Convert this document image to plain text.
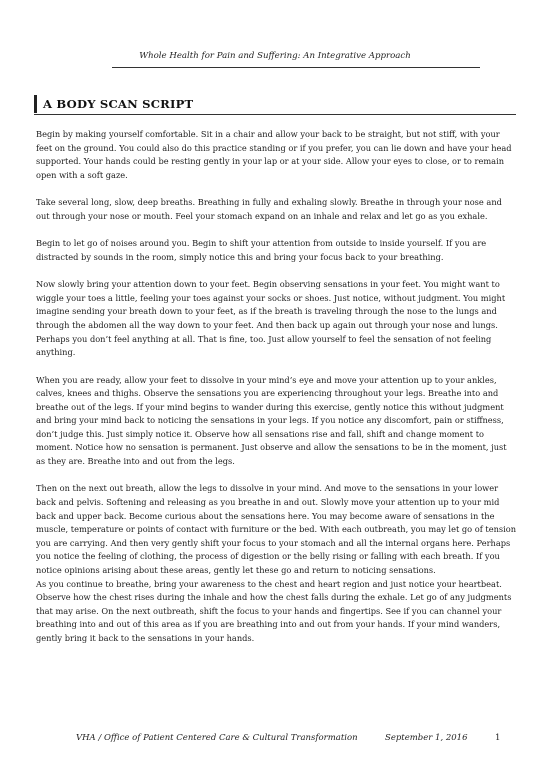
Whole Health for Pain and Suffering: An Integrative Approach
A BODY SCAN SCRIPT

Begin by making yourself comfortable. Sit in a chair and allow your back to be straight, but not stiff, with your feet on the ground. You could also do this practice standing or if you prefer, you can lie down and have your head supported. Your hands could be resting gently in your lap or at your side. Allow your eyes to close, or to remain open with a soft gaze.

Take several long, slow, deep breaths. Breathing in fully and exhaling slowly. Breathe in through your nose and out through your nose or mouth. Feel your stomach expand on an inhale and relax and let go as you exhale.

Begin to let go of noises around you. Begin to shift your attention from outside to inside yourself. If you are distracted by sounds in the room, simply notice this and bring your focus back to your breathing.

Now slowly bring your attention down to your feet. Begin observing sensations in your feet. You might want to wiggle your toes a little, feeling your toes against your socks or shoes. Just notice, without judgment. You might imagine sending your breath down to your feet, as if the breath is traveling through the nose to the lungs and through the abdomen all the way down to your feet. And then back up again out through your nose and lungs. Perhaps you don’t feel anything at all. That is fine, too. Just allow yourself to feel the sensation of not feeling anything.

When you are ready, allow your feet to dissolve in your mind’s eye and move your attention up to your ankles, calves, knees and thighs. Observe the sensations you are experiencing throughout your legs. Breathe into and breathe out of the legs. If your mind begins to wander during this exercise, gently notice this without judgment and bring your mind back to noticing the sensations in your legs. If you notice any discomfort, pain or stiffness, don’t judge this. Just simply notice it. Observe how all sensations rise and fall, shift and change moment to moment. Notice how no sensation is permanent. Just observe and allow the sensations to be in the moment, just as they are. Breathe into and out from the legs.

Then on the next out breath, allow the legs to dissolve in your mind. And move to the sensations in your lower back and pelvis. Softening and releasing as you breathe in and out. Slowly move your attention up to your mid back and upper back. Become curious about the sensations here. You may become aware of sensations in the muscle, temperature or points of contact with furniture or the bed. With each outbreath, you may let go of tension you are carrying. And then very gently shift your focus to your stomach and all the internal organs here. Perhaps you notice the feeling of clothing, the process of digestion or the belly rising or falling with each breath. If you notice opinions arising about these areas, gently let these go and return to noticing sensations.

As you continue to breathe, bring your awareness to the chest and heart region and just notice your heartbeat. Observe how the chest rises during the inhale and how the chest falls during the exhale. Let go of any judgments that may arise. On the next outbreath, shift the focus to your hands and fingertips. See if you can channel your breathing into and out of this area as if you are breathing into and out from your hands. If your mind wanders, gently bring it back to the sensations in your hands.

VHA / Office of Patient Centered Care & Cultural Transformation	September 1, 2016	1
